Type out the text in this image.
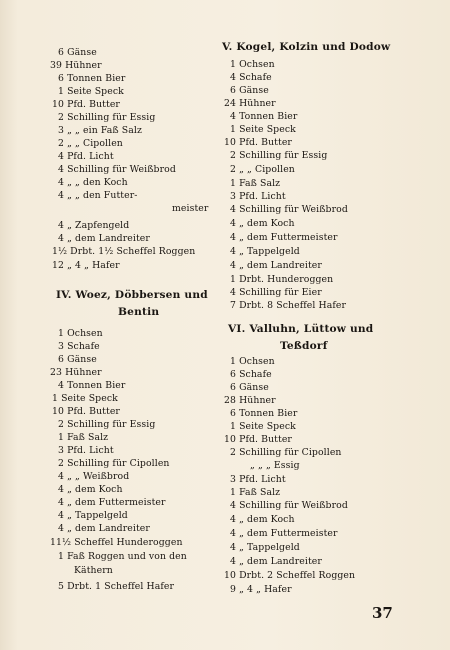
6 Gänse
39 Hühner
6 Tonnen Bier
1 Seite Speck
10 Pfd. Butter
2 Schilling für Essig
3 „ „ ein Faß Salz
2 „ „ Cipollen
4 Pfd. Licht
4 Schilling für Weißbrod
4 „ „ den Koch
4 „ „ den Futter-
meister
4 „ Zapfengeld
4 „ dem Landreiter
1½ Drbt. 1½ Scheffel Roggen
12 „ 4 „ Hafer
IV. Woez, Döbbersen und
Bentin
1 Ochsen
3 Schafe
6 Gänse
23 Hühner
4 Tonnen Bier
1 Seite Speck
10 Pfd. Butter
2 Schilling für Essig
1 Faß Salz
3 Pfd. Licht
2 Schilling für Cipollen
4 „ „ Weißbrod
4 „ dem Koch
4 „ dem Futtermeister
4 „ Tappelgeld
4 „ dem Landreiter
11½ Scheffel Hunderoggen
1 Faß Roggen und von den
Käthern
5 Drbt. 1 Scheffel Hafer
V. Kogel, Kolzin und Dodow
1 Ochsen
4 Schafe
6 Gänse
24 Hühner
4 Tonnen Bier
1 Seite Speck
10 Pfd. Butter
2 Schilling für Essig
2 „ „ Cipollen
1 Faß Salz
3 Pfd. Licht
4 Schilling für Weißbrod
4 „ dem Koch
4 „ dem Futtermeister
4 „ Tappelgeld
4 „ dem Landreiter
1 Drbt. Hunderoggen
4 Schilling für Eier
7 Drbt. 8 Scheffel Hafer
VI. Valluhn, Lüttow und
Teßdorf
1 Ochsen
6 Schafe
6 Gänse
28 Hühner
6 Tonnen Bier
1 Seite Speck
10 Pfd. Butter
2 Schilling für Cipollen
„ „ „ Essig
3 Pfd. Licht
1 Faß Salz
4 Schilling für Weißbrod
4 „ dem Koch
4 „ dem Futtermeister
4 „ Tappelgeld
4 „ dem Landreiter
10 Drbt. 2 Scheffel Roggen
9 „ 4 „ Hafer
37
